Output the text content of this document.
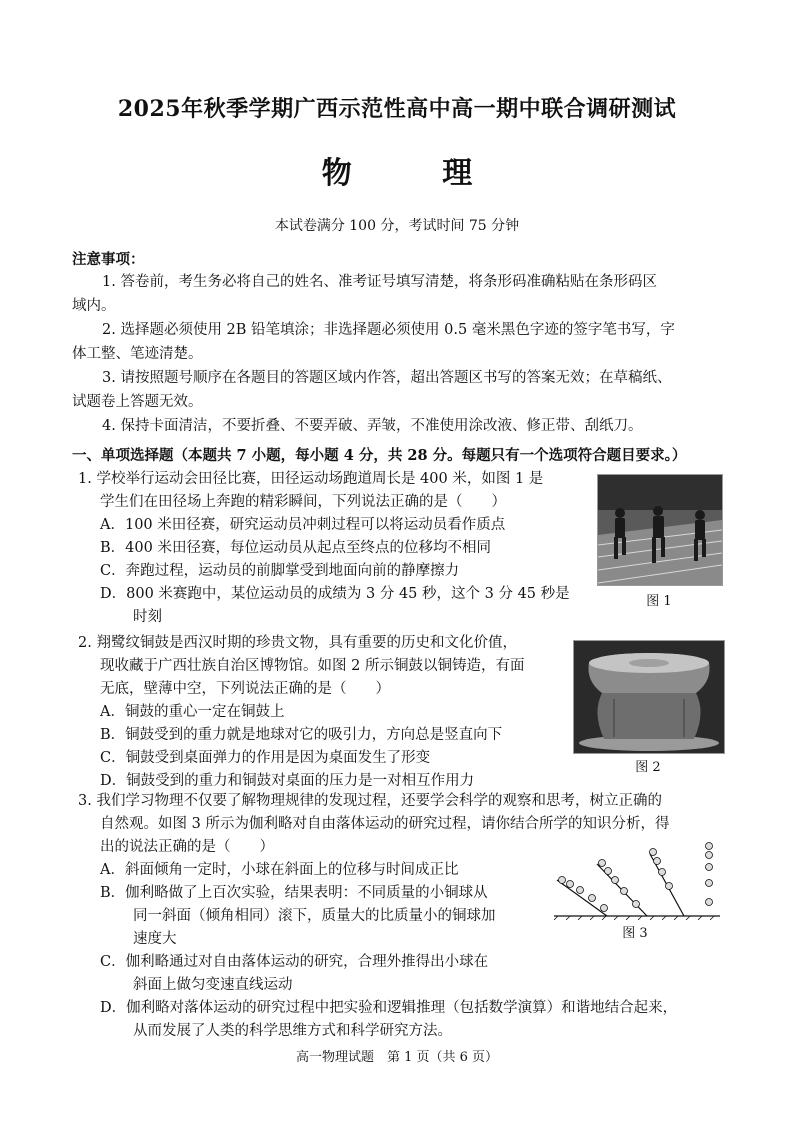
2025年秋季学期广西示范性高中高一期中联合调研测试
物 理
本试卷满分 100 分，考试时间 75 分钟
注意事项：
1. 答卷前，考生务必将自己的姓名、准考证号填写清楚，将条形码准确粘贴在条形码区
域内。
2. 选择题必须使用 2B 铅笔填涂；非选择题必须使用 0.5 毫米黑色字迹的签字笔书写，字
体工整、笔迹清楚。
3. 请按照题号顺序在各题目的答题区域内作答，超出答题区书写的答案无效；在草稿纸、
试题卷上答题无效。
4. 保持卡面清洁，不要折叠、不要弄破、弄皱，不准使用涂改液、修正带、刮纸刀。
一、单项选择题（本题共 7 小题，每小题 4 分，共 28 分。每题只有一个选项符合题目要求。）
1. 学校举行运动会田径比赛，田径运动场跑道周长是 400 米，如图 1 是
学生们在田径场上奔跑的精彩瞬间，下列说法正确的是（　　）
A．100 米田径赛，研究运动员冲刺过程可以将运动员看作质点
B．400 米田径赛，每位运动员从起点至终点的位移均不相同
C．奔跑过程，运动员的前脚掌受到地面向前的静摩擦力
D．800 米赛跑中，某位运动员的成绩为 3 分 45 秒，这个 3 分 45 秒是
时刻
图 1
2. 翔鹭纹铜鼓是西汉时期的珍贵文物，具有重要的历史和文化价值，
现收藏于广西壮族自治区博物馆。如图 2 所示铜鼓以铜铸造，有面
无底，壁薄中空，下列说法正确的是（　　）
A．铜鼓的重心一定在铜鼓上
B．铜鼓受到的重力就是地球对它的吸引力，方向总是竖直向下
C．铜鼓受到桌面弹力的作用是因为桌面发生了形变
D．铜鼓受到的重力和铜鼓对桌面的压力是一对相互作用力
图 2
3. 我们学习物理不仅要了解物理规律的发现过程，还要学会科学的观察和思考，树立正确的
自然观。如图 3 所示为伽利略对自由落体运动的研究过程，请你结合所学的知识分析，得
出的说法正确的是（　　）
A．斜面倾角一定时，小球在斜面上的位移与时间成正比
B．伽利略做了上百次实验，结果表明：不同质量的小铜球从
同一斜面（倾角相同）滚下，质量大的比质量小的铜球加
速度大
C．伽利略通过对自由落体运动的研究，合理外推得出小球在
斜面上做匀变速直线运动
D．伽利略对落体运动的研究过程中把实验和逻辑推理（包括数学演算）和谐地结合起来，
从而发展了人类的科学思维方式和科学研究方法。
图 3
高一物理试题　第 1 页（共 6 页）
